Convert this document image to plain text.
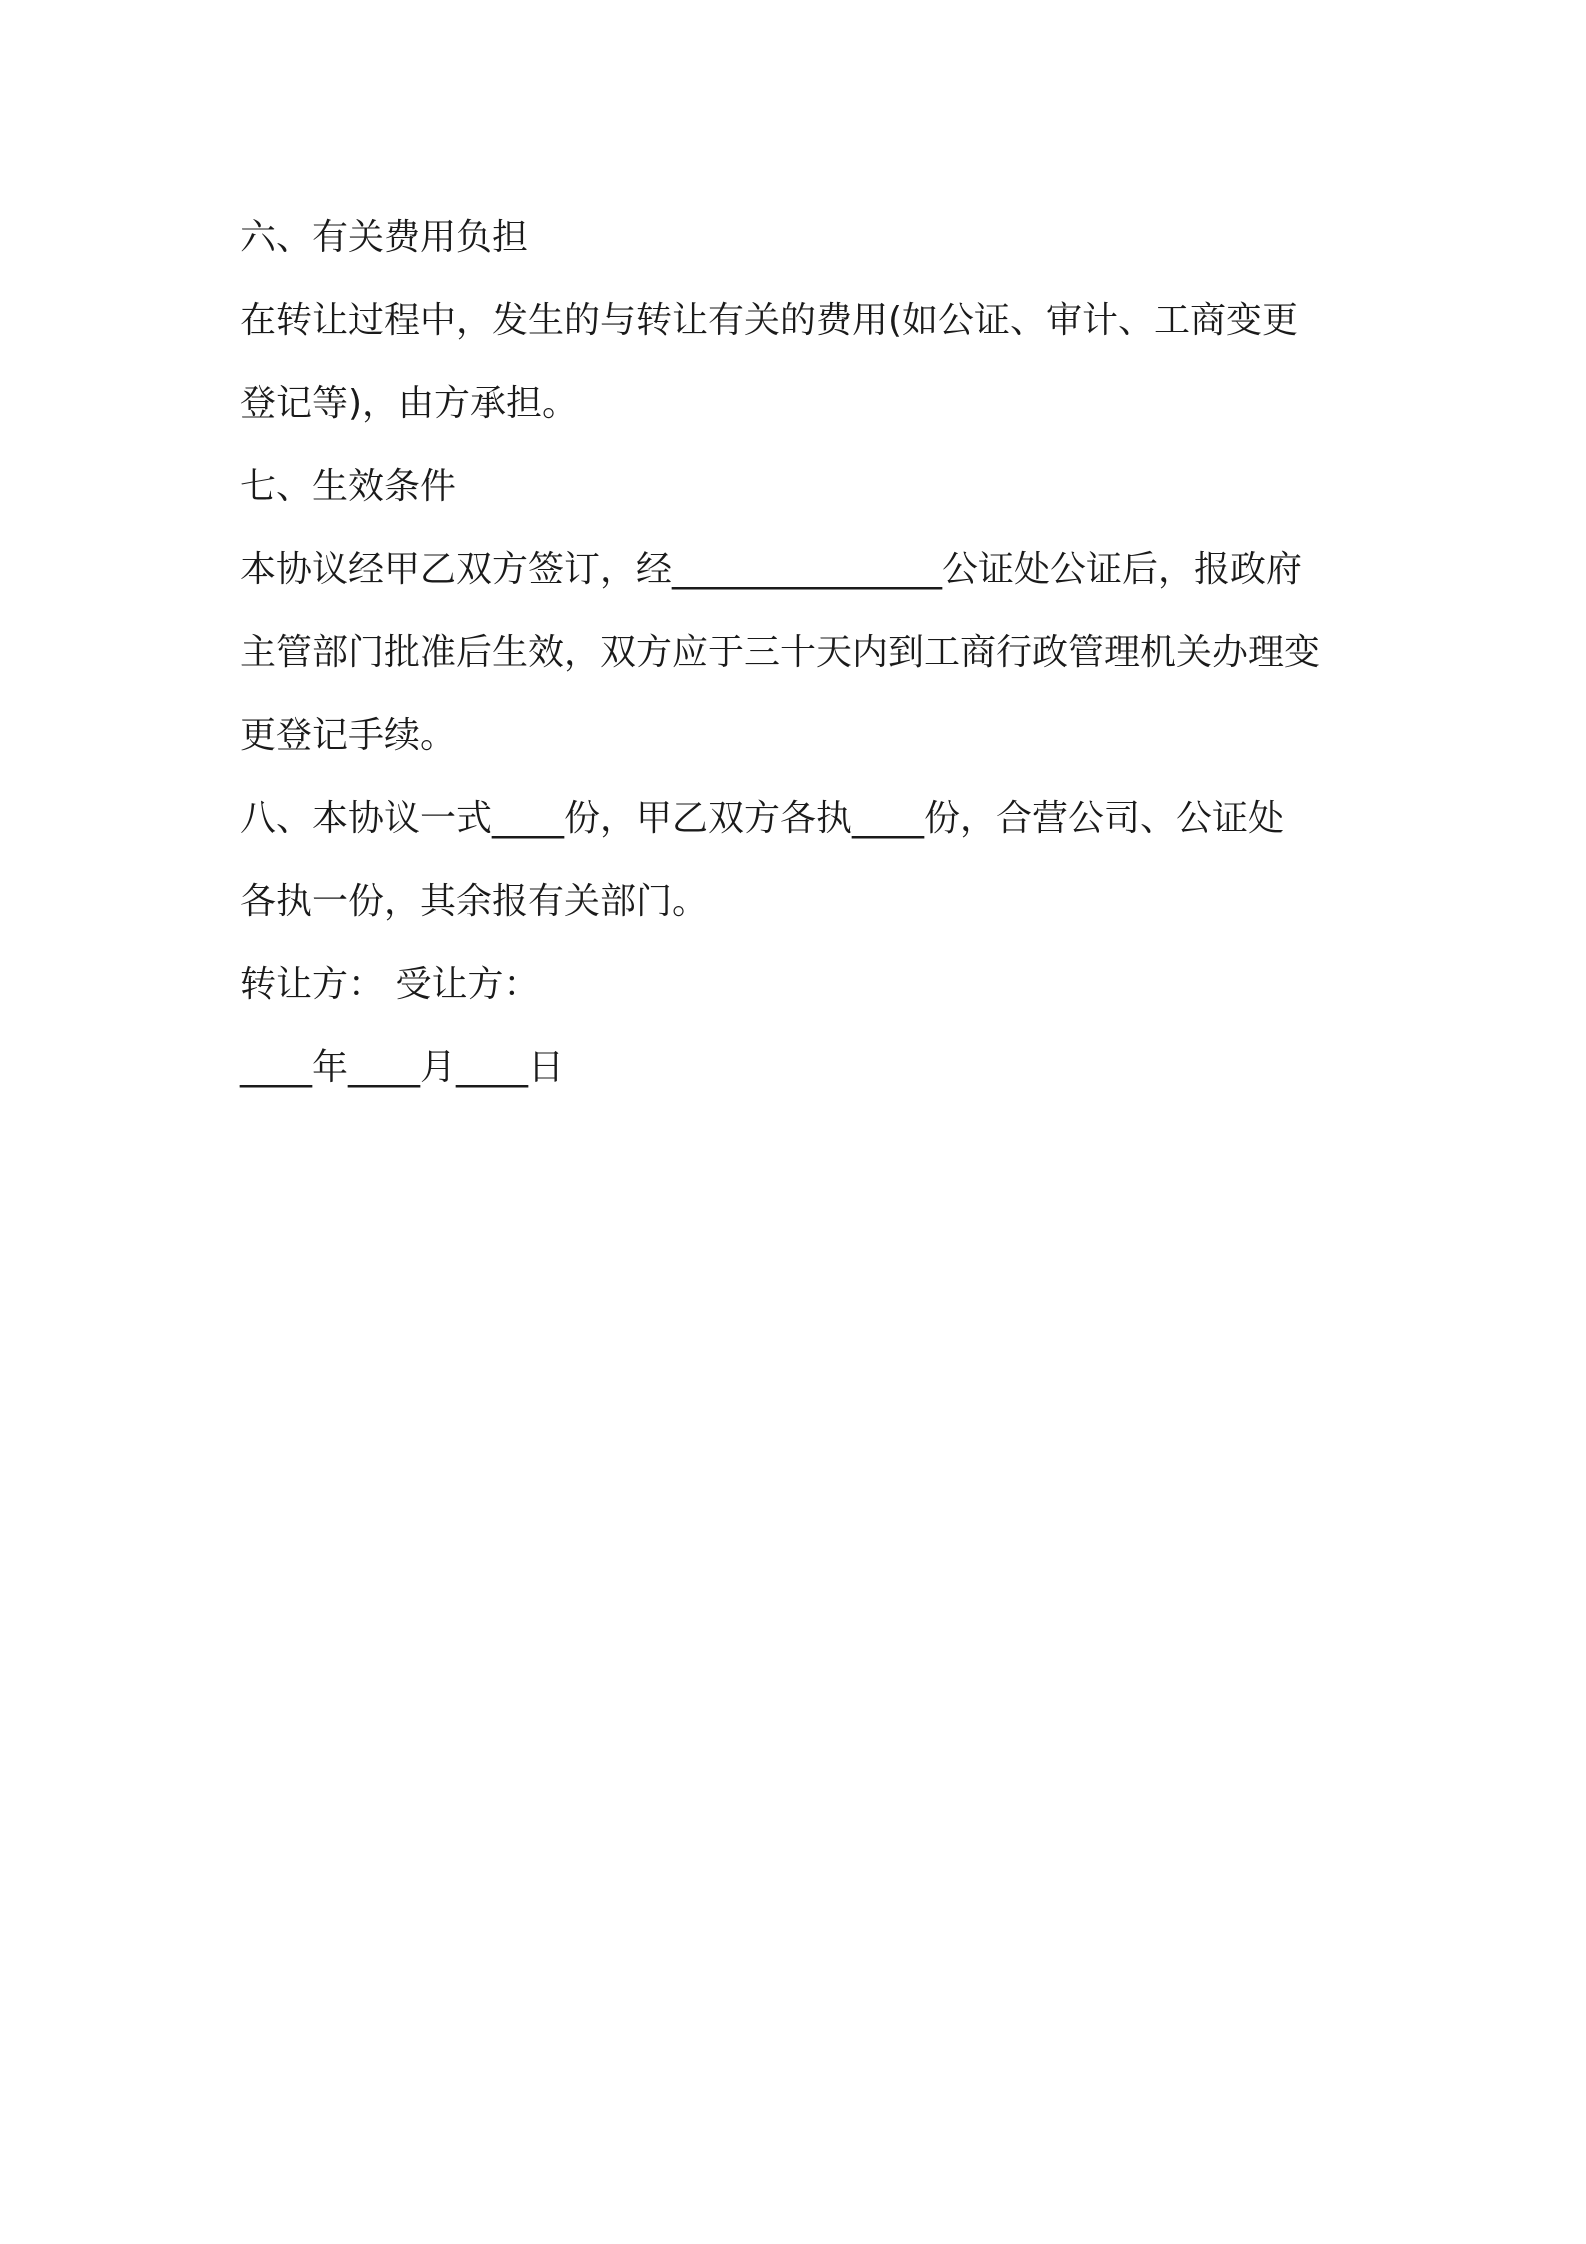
六、有关费用负担
在转让过程中，发生的与转让有关的费用(如公证、审计、工商变更
登记等)，由方承担。
七、生效条件
本协议经甲乙双方签订，经_______________公证处公证后，报政府
主管部门批准后生效，双方应于三十天内到工商行政管理机关办理变
更登记手续。
八、本协议一式____份，甲乙双方各执____份，合营公司、公证处
各执一份，其余报有关部门。
转让方： 受让方：
____年____月____日
